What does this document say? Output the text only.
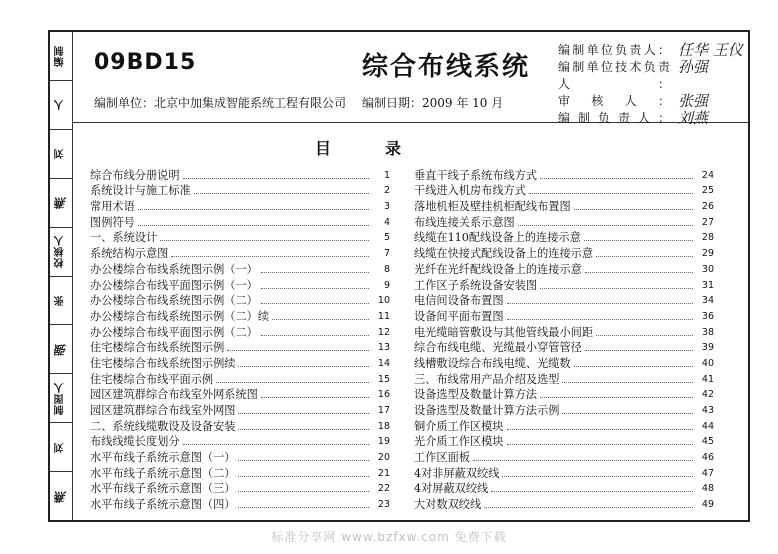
编制
人
刘
燕
校核人
张
强
制图人
刘
燕
09BD15	综合布线系统
编制单位：北京中加集成智能系统工程有限公司 编制日期：2009 年 10 月
编制单位负责人： 任华 王仪
编制单位技术负责人：
孙强
审核人： 张强
编制负责人： 刘燕
目录
综合布线分册说明	1
系统设计与施工标准	2
常用术语	3
图例符号	4
一、系统设计	5
系统结构示意图	7
办公楼综合布线系统图示例（一）	8
办公楼综合布线平面图示例（一）	9
办公楼综合布线系统图示例（二）	10
办公楼综合布线系统图示例（二）续	11
办公楼综合布线平面图示例（二）	12
住宅楼综合布线系统图示例	13
住宅楼综合布线系统图示例续	14
住宅楼综合布线平面示例	15
园区建筑群综合布线室外网系统图	16
园区建筑群综合布线室外网图	17
二、系统线缆敷设及设备安装	18
布线线缆长度划分	19
水平布线子系统示意图（一）	20
水平布线子系统示意图（二）	21
水平布线子系统示意图（三）	22
水平布线子系统示意图（四）	23
垂直干线子系统布线方式	24
干线进入机房布线方式	25
落地机柜及壁挂机柜配线布置图	26
布线连接关系示意图	27
线缆在110配线设备上的连接示意	28
线缆在快接式配线设备上的连接示意	29
光纤在光纤配线设备上的连接示意	30
工作区子系统设备安装图	31
电信间设备布置图	34
设备间平面布置图	36
电光缆暗管敷设与其他管线最小间距	38
综合布线电缆、光缆最小穿管管径	39
线槽敷设综合布线电缆、光缆数	40
三、布线常用产品介绍及选型	41
设备选型及数量计算方法	42
设备选型及数量计算方法示例	43
铜介质工作区模块	44
光介质工作区模块	45
工作区面板	46
4对非屏蔽双绞线	47
4对屏蔽双绞线	48
大对数双绞线	49
标准分享网 www.bzfxw.com 免费下载
